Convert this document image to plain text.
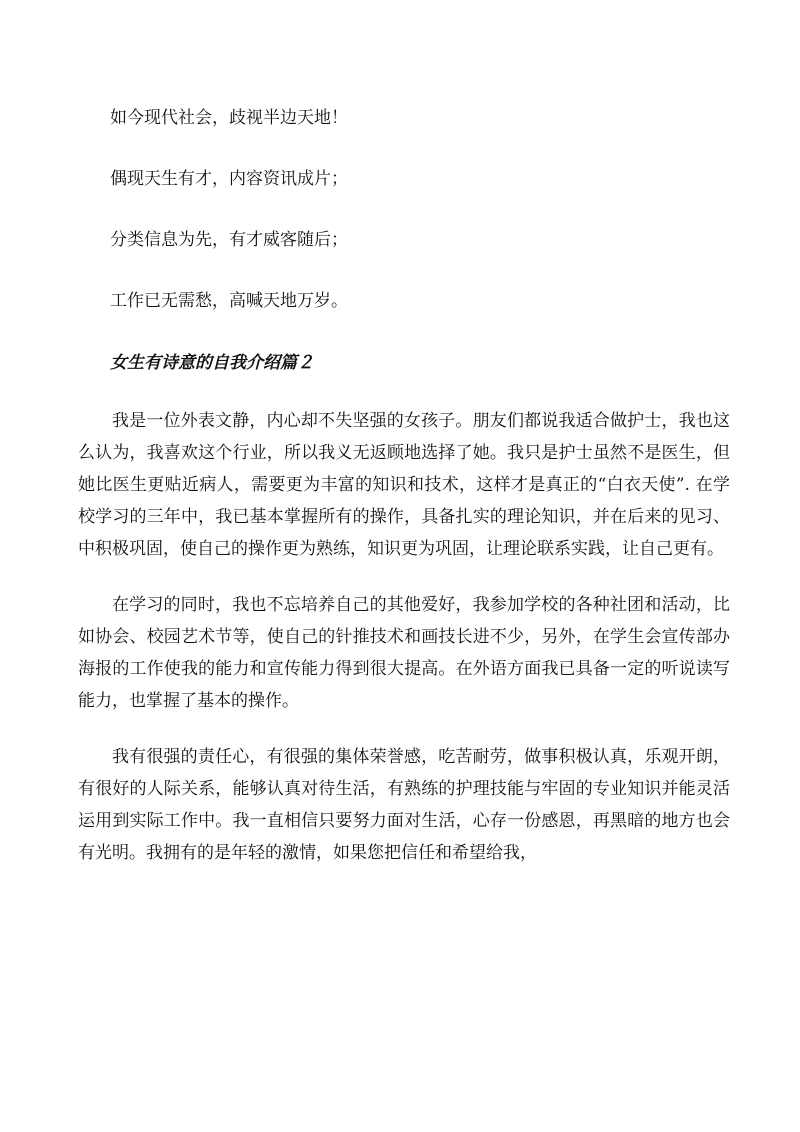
如今现代社会，歧视半边天地！
偶现天生有才，内容资讯成片；
分类信息为先，有才威客随后；
工作已无需愁，高喊天地万岁。
女生有诗意的自我介绍篇２

我是一位外表文静，内心却不失坚强的女孩子。朋友们都说我适合做护士，我也这么认为，我喜欢这个行业，所以我义无返顾地选择了她。我只是护士虽然不是医生，但她比医生更贴近病人，需要更为丰富的知识和技术，这样才是真正的“白衣天使”. 在学校学习的三年中，我已基本掌握所有的操作，具备扎实的理论知识，并在后来的见习、中积极巩固，使自己的操作更为熟练，知识更为巩固，让理论联系实践，让自己更有。

在学习的同时，我也不忘培养自己的其他爱好，我参加学校的各种社团和活动，比如协会、校园艺术节等，使自己的针推技术和画技长进不少，另外，在学生会宣传部办海报的工作使我的能力和宣传能力得到很大提高。在外语方面我已具备一定的听说读写能力，也掌握了基本的操作。

我有很强的责任心，有很强的集体荣誉感，吃苦耐劳，做事积极认真，乐观开朗，有很好的人际关系，能够认真对待生活，有熟练的护理技能与牢固的专业知识并能灵活运用到实际工作中。我一直相信只要努力面对生活，心存一份感恩，再黑暗的地方也会有光明。我拥有的是年轻的激情，如果您把信任和希望给我，
